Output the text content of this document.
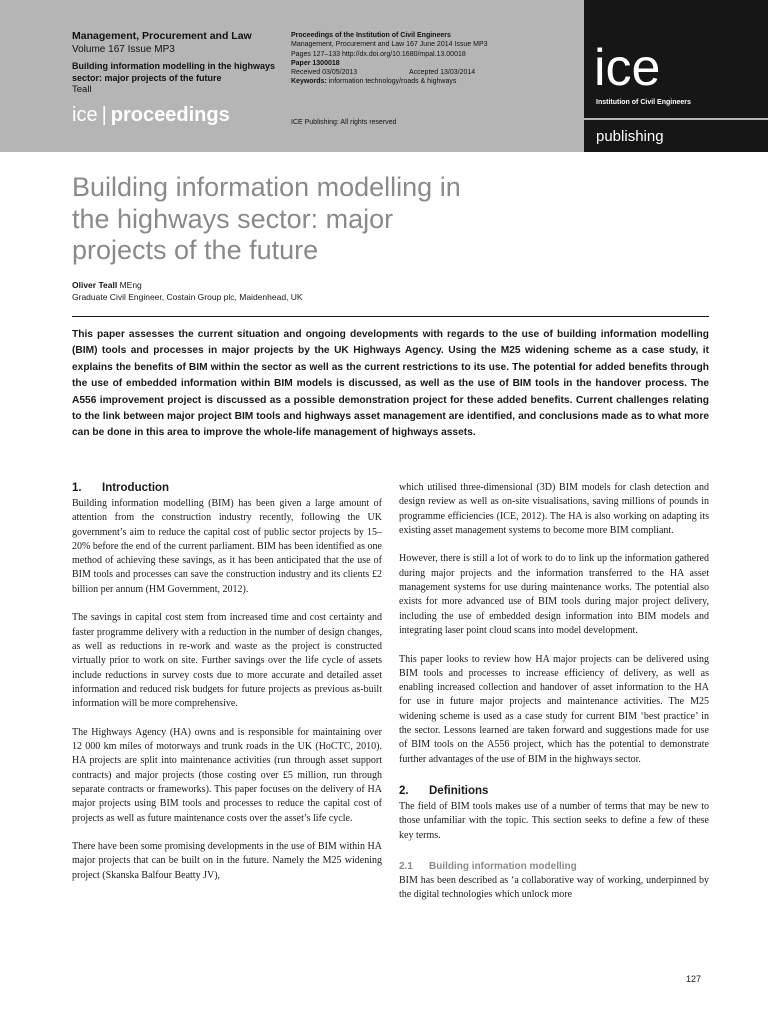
Management, Procurement and Law
Volume 167 Issue MP3
Building information modelling in the highways sector: major projects of the future
Teall
ice | proceedings
Proceedings of the Institution of Civil Engineers
Management, Procurement and Law 167 June 2014 Issue MP3
Pages 127–133 http://dx.doi.org/10.1680/mpal.13.00018
Paper 1300018
Received 03/05/2013	Accepted 13/03/2014
Keywords: information technology/roads & highways
ICE Publishing: All rights reserved
ice
Institution of Civil Engineers
publishing
Building information modelling in the highways sector: major projects of the future
Oliver Teall MEng
Graduate Civil Engineer, Costain Group plc, Maidenhead, UK
This paper assesses the current situation and ongoing developments with regards to the use of building information modelling (BIM) tools and processes in major projects by the UK Highways Agency. Using the M25 widening scheme as a case study, it explains the benefits of BIM within the sector as well as the current restrictions to its use. The potential for added benefits through the use of embedded information within BIM models is discussed, as well as the use of BIM tools in the handover process. The A556 improvement project is discussed as a possible demonstration project for these added benefits. Current challenges relating to the link between major project BIM tools and highways asset management are identified, and conclusions made as to what more can be done in this area to improve the whole-life management of highways assets.
1. Introduction

Building information modelling (BIM) has been given a large amount of attention from the construction industry recently, following the UK government’s aim to reduce the capital cost of public sector projects by 15–20% before the end of the current parliament. BIM has been identified as one method of achieving these savings, as it has been anticipated that the use of BIM tools and processes can save the construction industry and its clients £2 billion per annum (HM Government, 2012).

The savings in capital cost stem from increased time and cost certainty and faster programme delivery with a reduction in the number of design changes, as well as reductions in re-work and waste as the project is constructed virtually prior to work on site. Further savings over the life cycle of assets include reductions in survey costs due to more accurate and detailed asset information and reduced risk budgets for future projects as previous as-built information will be more comprehensive.

The Highways Agency (HA) owns and is responsible for maintaining over 12 000 km miles of motorways and trunk roads in the UK (HoCTC, 2010). HA projects are split into maintenance activities (run through asset support contracts) and major projects (those costing over £5 million, run through separate contracts or frameworks). This paper focuses on the delivery of HA major projects using BIM tools and processes to reduce the capital cost of projects as well as future maintenance costs over the asset’s life cycle.

There have been some promising developments in the use of BIM within HA major projects that can be built on in the future. Namely the M25 widening project (Skanska Balfour Beatty JV),

which utilised three-dimensional (3D) BIM models for clash detection and design review as well as on-site visualisations, saving millions of pounds in programme efficiencies (ICE, 2012). The HA is also working on adapting its existing asset management systems to become more BIM compliant.

However, there is still a lot of work to do to link up the information gathered during major projects and the information transferred to the HA asset management systems for use during maintenance works. The potential also exists for more advanced use of BIM tools during major project delivery, including the use of embedded design information into BIM models and integrating laser point cloud scans into model development.

This paper looks to review how HA major projects can be delivered using BIM tools and processes to increase efficiency of delivery, as well as enabling increased collection and handover of asset information to the HA for use in future major projects and maintenance activities. The M25 widening scheme is used as a case study for current BIM ‘best practice’ in the sector. Lessons learned are taken forward and suggestions made for use of BIM tools on the A556 project, which has the potential to demonstrate further advantages of the use of BIM in the highways sector.

2. Definitions

The field of BIM tools makes use of a number of terms that may be new to those unfamiliar with the topic. This section seeks to define a few of these key terms.

2.1 Building information modelling

BIM has been described as ‘a collaborative way of working, underpinned by the digital technologies which unlock more

127
